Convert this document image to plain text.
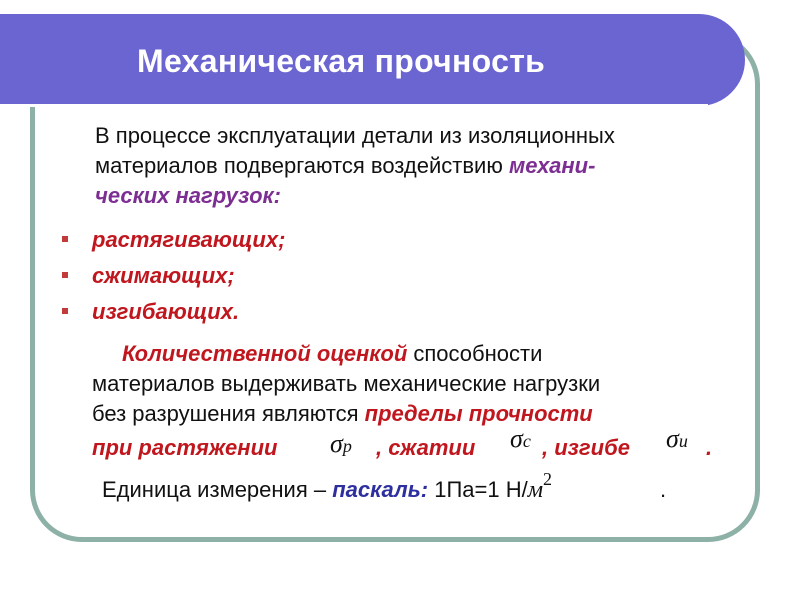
Механическая прочность
В процессе эксплуатации детали из изоляционных
материалов подвергаются воздействию механи-
ческих нагрузок:
растягивающих;
сжимающих;
изгибающих.
Количественной оценкой способности
материалов выдерживать механические нагрузки
без разрушения являются пределы прочности
при растяжении σр , сжатии σс , изгибе σи .
Единица измерения – паскаль: 1Па=1 $Н/м^2$	.
